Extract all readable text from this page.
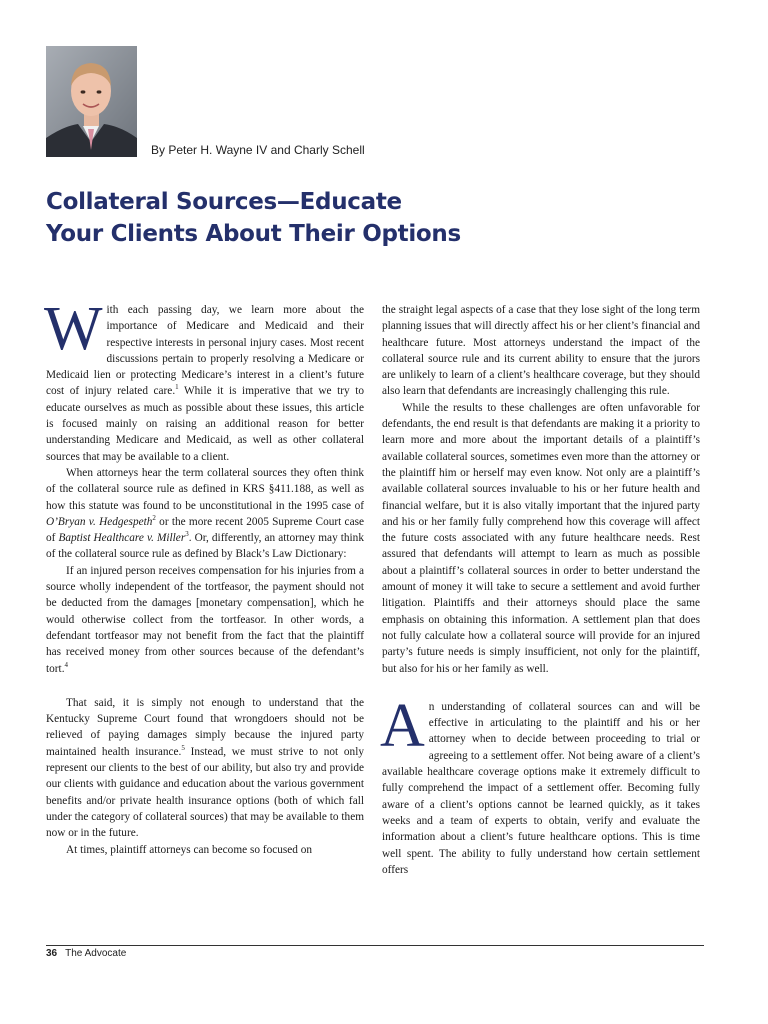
By Peter H. Wayne IV and Charly Schell
Collateral Sources—Educate
Your Clients About Their Options

With each passing day, we learn more about the importance of Medicare and Medicaid and their respective interests in personal injury cases. Most recent discussions pertain to properly resolving a Medicare or Medicaid lien or protecting Medicare’s interest in a client’s future cost of injury related care.$^1$ While it is imperative that we try to educate ourselves as much as possible about these issues, this article is focused mainly on raising an additional reason for better understanding Medicare and Medicaid, as well as other collateral sources that may be available to a client.

When attorneys hear the term collateral sources they often think of the collateral source rule as defined in KRS §411.188, as well as how this statute was found to be unconstitutional in the 1995 case of O’Bryan v. Hedgespeth$^2$ or the more recent 2005 Supreme Court case of Baptist Healthcare v. Miller$^3$. Or, differently, an attorney may think of the collateral source rule as defined by Black’s Law Dictionary:

If an injured person receives compensation for his injuries from a source wholly independent of the tortfeasor, the payment should not be deducted from the damages [monetary compensation], which he would otherwise collect from the tortfeasor. In other words, a defendant tortfeasor may not benefit from the fact that the plaintiff has received money from other sources because of the defendant’s tort.$^4$

That said, it is simply not enough to understand that the Kentucky Supreme Court found that wrongdoers should not be relieved of paying damages simply because the injured party maintained health insurance.$^5$ Instead, we must strive to not only represent our clients to the best of our ability, but also try and provide our clients with guidance and education about the various government benefits and/or private health insurance options (both of which fall under the category of collateral sources) that may be available to them now or in the future.

At times, plaintiff attorneys can become so focused on

the straight legal aspects of a case that they lose sight of the long term planning issues that will directly affect his or her client’s financial and healthcare future. Most attorneys understand the impact of the collateral source rule and its current ability to ensure that the jurors are unlikely to learn of a client’s healthcare coverage, but they should also learn that defendants are increasingly challenging this rule.

While the results to these challenges are often unfavorable for defendants, the end result is that defendants are making it a priority to learn more and more about the important details of a plaintiff’s available collateral sources, sometimes even more than the attorney or the plaintiff him or herself may even know. Not only are a plaintiff’s available collateral sources invaluable to his or her future health and financial welfare, but it is also vitally important that the injured party and his or her family fully comprehend how this coverage will affect the future costs associated with any future healthcare needs. Rest assured that defendants will attempt to learn as much as possible about a plaintiff’s collateral sources in order to better understand the amount of money it will take to secure a settlement and avoid further litigation. Plaintiffs and their attorneys should place the same emphasis on obtaining this information. A settlement plan that does not fully calculate how a collateral source will provide for an injured party’s future needs is simply insufficient, not only for the plaintiff, but also for his or her family as well.

An understanding of collateral sources can and will be effective in articulating to the plaintiff and his or her attorney when to decide between proceeding to trial or agreeing to a settlement offer. Not being aware of a client’s available healthcare coverage options make it extremely difficult to fully comprehend the impact of a settlement offer. Becoming fully aware of a client’s options cannot be learned quickly, as it takes weeks and a team of experts to obtain, verify and evaluate the information about a client’s future healthcare options. This is time well spent. The ability to fully understand how certain settlement offers

36 The Advocate
